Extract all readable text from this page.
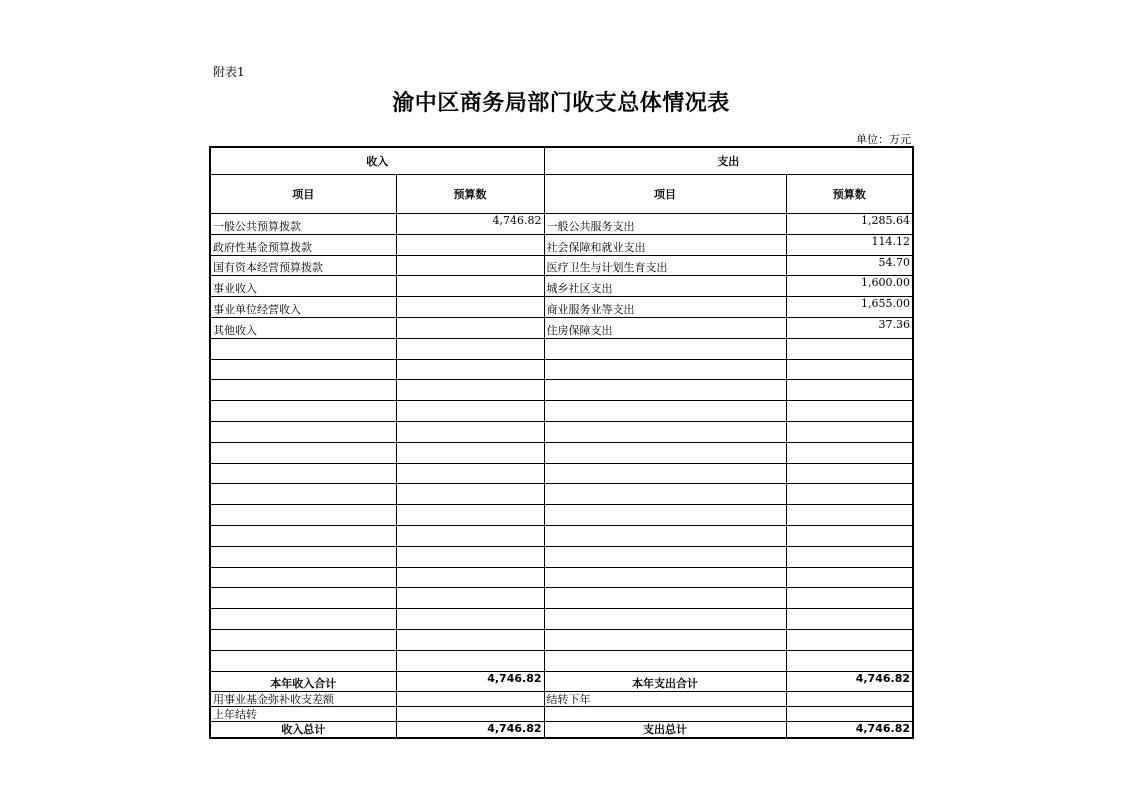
附表1
渝中区商务局部门收支总体情况表
单位：万元
收入		支出	
项目	预算数	项目	预算数
一般公共预算拨款	4,746.82	一般公共服务支出	1,285.64
政府性基金预算拨款		社会保障和就业支出	114.12
国有资本经营预算拨款		医疗卫生与计划生育支出	54.70
事业收入		城乡社区支出	1,600.00
事业单位经营收入		商业服务业等支出	1,655.00
其他收入		住房保障支出	37.36

本年收入合计	4,746.82	本年支出合计	4,746.82
用事业基金弥补收支差额		结转下年	
上年结转			
收入总计	4,746.82	支出总计	4,746.82
